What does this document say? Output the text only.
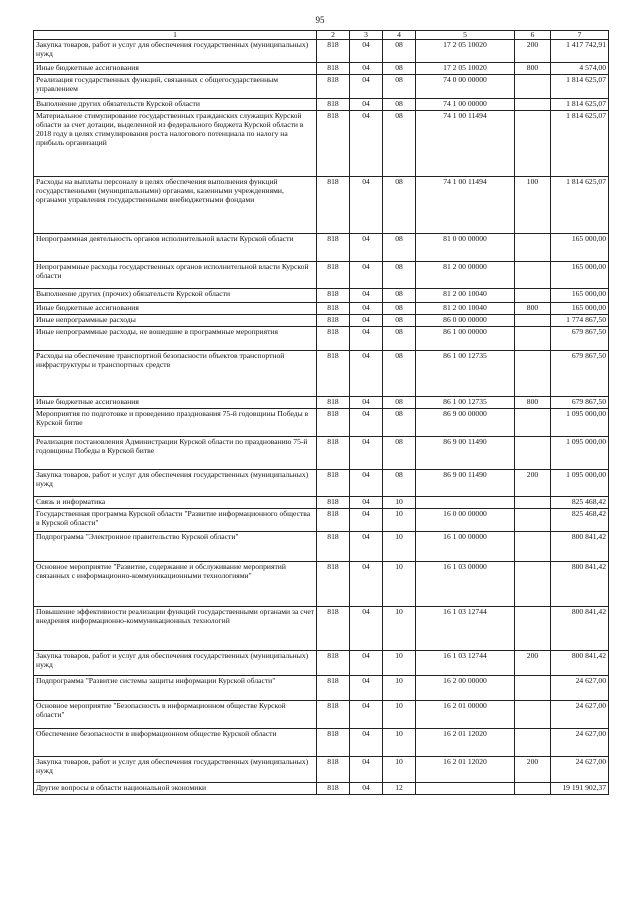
95
1	2	3	4	5	6	7
Закупка товаров, работ и услуг для обеспечения государственных (муниципальных) нужд	818	04	08	17 2 05 10020	200	1 417 742,91
Иные бюджетные ассигнования	818	04	08	17 2 05 10020	800	4 574,00
Реализация государственных функций, связанных с общегосударственным управлением	818	04	08	74 0 00 00000		1 814 625,07
Выполнение других обязательств Курской области	818	04	08	74 1 00 00000		1 814 625,07
Материальное стимулирование государственных гражданских служащих Курской области за счет дотации, выделенной из федерального бюджета Курской области в 2018 году в целях стимулирования роста налогового потенциала по налогу на прибыль организаций	818	04	08	74 1 00 11494		1 814 625,07
Расходы на выплаты персоналу в целях обеспечения выполнения функций государственными (муниципальными) органами, казенными учреждениями, органами управления государственными внебюджетными фондами	818	04	08	74 1 00 11494	100	1 814 625,07
Непрограммная деятельность органов исполнительной власти Курской области	818	04	08	81 0 00 00000		165 000,00
Непрограммные расходы государственных органов исполнительной власти Курской области	818	04	08	81 2 00 00000		165 000,00
Выполнение других (прочих) обязательств Курской области	818	04	08	81 2 00 10040		165 000,00
Иные бюджетные ассигнования	818	04	08	81 2 00 10040	800	165 000,00
Иные непрограммные расходы	818	04	08	86 0 00 00000		1 774 867,50
Иные непрограммные расходы, не вошедшие в программные мероприятия	818	04	08	86 1 00 00000		679 867,50
Расходы на обеспечение транспортной безопасности объектов транспортной инфраструктуры и транспортных средств	818	04	08	86 1 00 12735		679 867,50
Иные бюджетные ассигнования	818	04	08	86 1 00 12735	800	679 867,50
Мероприятия по подготовке и проведению празднования 75-й годовщины Победы в Курской битве	818	04	08	86 9 00 00000		1 095 000,00
Реализация постановления Администрации Курской области по празднованию 75-й годовщины Победы в Курской битве	818	04	08	86 9 00 11490		1 095 000,00
Закупка товаров, работ и услуг для обеспечения государственных (муниципальных) нужд	818	04	08	86 9 00 11490	200	1 095 000,00
Связь и информатика	818	04	10			825 468,42
Государственная программа Курской области "Развитие информационного общества в Курской области"	818	04	10	16 0 00 00000		825 468,42
Подпрограмма "Электронное правительство Курской области"	818	04	10	16 1 00 00000		800 841,42
Основное мероприятие "Развитие, содержание и обслуживание мероприятий связанных с информационно-коммуникационными технологиями"	818	04	10	16 1 03 00000		800 841,42
Повышение эффективности реализации функций государственными органами за счет внедрения информационно-коммуникационных технологий	818	04	10	16 1 03 12744		800 841,42
Закупка товаров, работ и услуг для обеспечения государственных (муниципальных) нужд	818	04	10	16 1 03 12744	200	800 841,42
Подпрограмма "Развитие системы защиты информации Курской области"	818	04	10	16 2 00 00000		24 627,00
Основное мероприятие "Безопасность в информационном обществе Курской области"	818	04	10	16 2 01 00000		24 627,00
Обеспечение безопасности в информационном обществе Курской области	818	04	10	16 2 01 12020		24 627,00
Закупка товаров, работ и услуг для обеспечения государственных (муниципальных) нужд	818	04	10	16 2 01 12020	200	24 627,00
Другие вопросы в области национальной экономики	818	04	12			19 191 902,37
